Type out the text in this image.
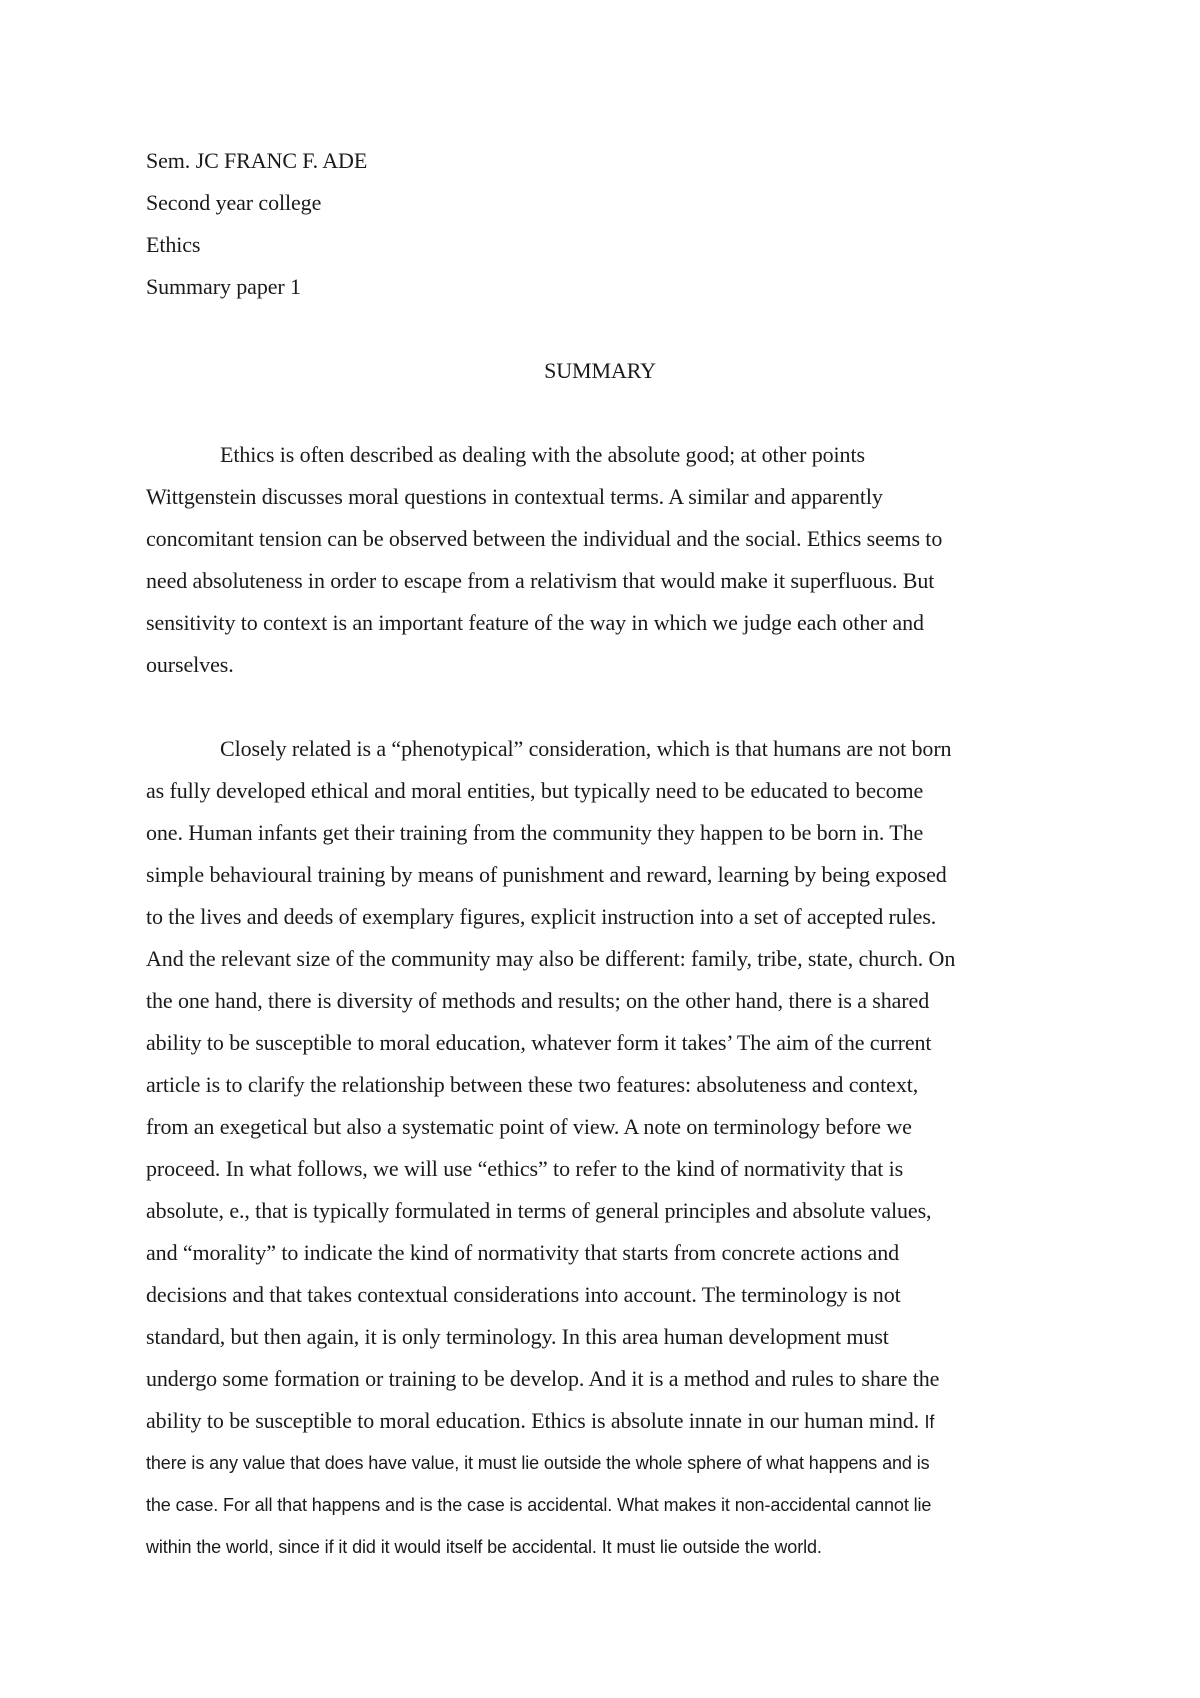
Sem. JC FRANC F. ADE

Second year college

Ethics

Summary paper 1

SUMMARY
Ethics is often described as dealing with the absolute good; at other points
Wittgenstein discusses moral questions in contextual terms. A similar and apparently
concomitant tension can be observed between the individual and the social. Ethics seems to
need absoluteness in order to escape from a relativism that would make it superfluous. But
sensitivity to context is an important feature of the way in which we judge each other and
ourselves.
Closely related is a “phenotypical” consideration, which is that humans are not born
as fully developed ethical and moral entities, but typically need to be educated to become
one. Human infants get their training from the community they happen to be born in. The
simple behavioural training by means of punishment and reward, learning by being exposed
to the lives and deeds of exemplary figures, explicit instruction into a set of accepted rules.
And the relevant size of the community may also be different: family, tribe, state, church. On
the one hand, there is diversity of methods and results; on the other hand, there is a shared
ability to be susceptible to moral education, whatever form it takes’ The aim of the current
article is to clarify the relationship between these two features: absoluteness and context,
from an exegetical but also a systematic point of view. A note on terminology before we
proceed. In what follows, we will use “ethics” to refer to the kind of normativity that is
absolute, e., that is typically formulated in terms of general principles and absolute values,
and “morality” to indicate the kind of normativity that starts from concrete actions and
decisions and that takes contextual considerations into account. The terminology is not
standard, but then again, it is only terminology. In this area human development must
undergo some formation or training to be develop. And it is a method and rules to share the
ability to be susceptible to moral education. Ethics is absolute innate in our human mind. If
there is any value that does have value, it must lie outside the whole sphere of what happens and is
the case. For all that happens and is the case is accidental. What makes it non-accidental cannot lie
within the world, since if it did it would itself be accidental. It must lie outside the world.
